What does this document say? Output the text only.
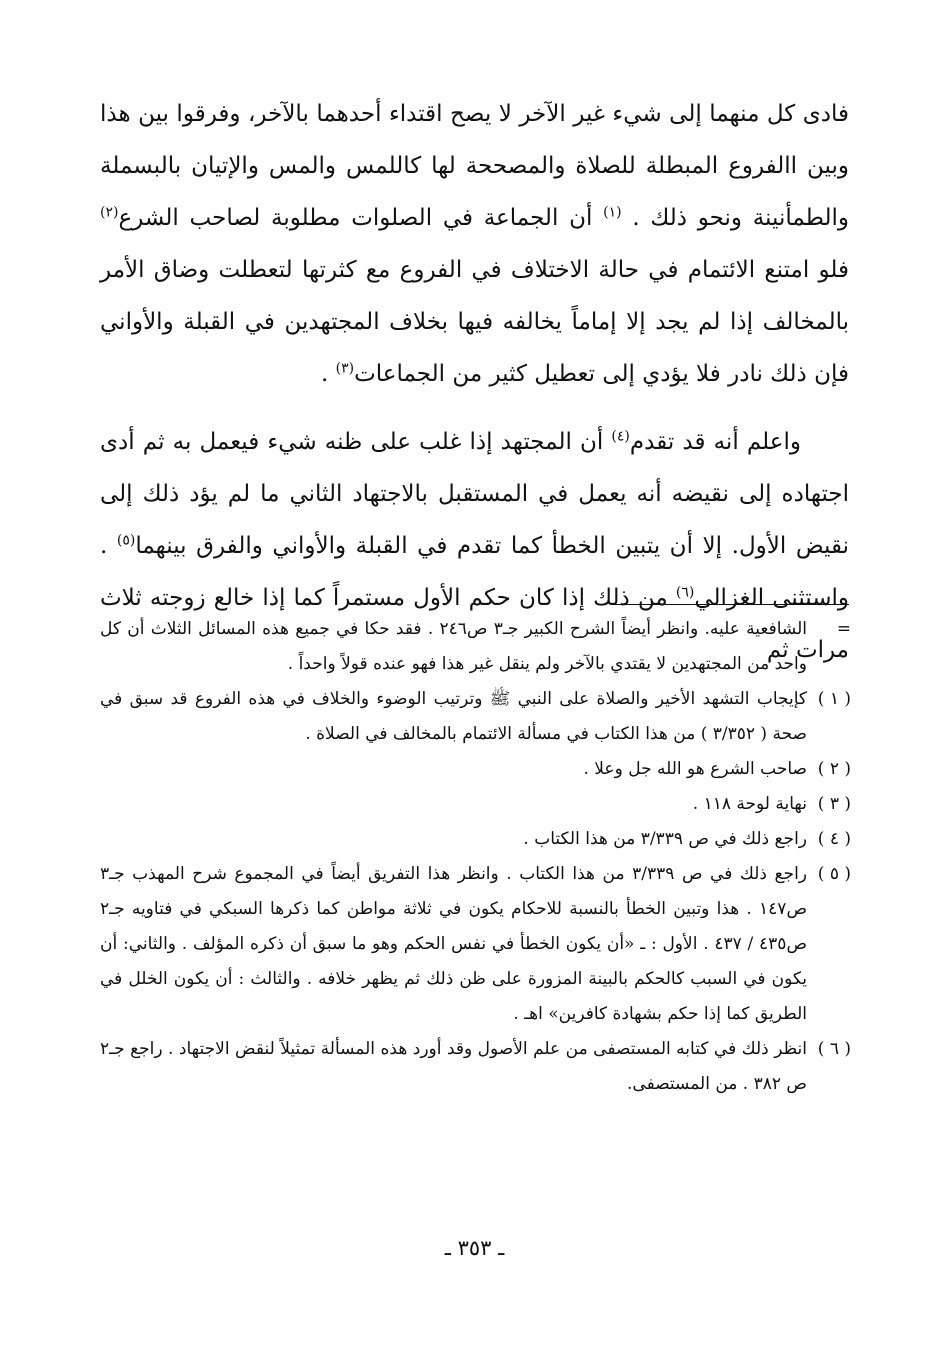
فادى كل منهما إلى شيء غير الآخر لا يصح اقتداء أحدهما بالآخر، وفرقوا بين هذا وبين االفروع المبطلة للصلاة والمصححة لها كاللمس والمس والإتيان بالبسملة والطمأنينة ونحو ذلك . $^{(١)}$ أن الجماعة في الصلوات مطلوبة لصاحب الشرع$^{(٢)}$ فلو امتنع الائتمام في حالة الاختلاف في الفروع مع كثرتها لتعطلت وضاق الأمر بالمخالف إذا لم يجد إلا إماماً يخالفه فيها بخلاف المجتهدين في القبلة والأواني فإن ذلك نادر فلا يؤدي إلى تعطيل كثير من الجماعات$^{(٣)}$ .

واعلم أنه قد تقدم$^{(٤)}$ أن المجتهد إذا غلب على ظنه شيء فيعمل به ثم أدى اجتهاده إلى نقيضه أنه يعمل في المستقبل بالاجتهاد الثاني ما لم يؤد ذلك إلى نقيض الأول. إلا أن يتبين الخطأ كما تقدم في القبلة والأواني والفرق بينهما$^{(٥)}$ . واستثنى الغزالي$^{(٦)}$ من ذلك إذا كان حكم الأول مستمراً كما إذا خالع زوجته ثلاث مرات ثم

=
الشافعية عليه. وانظر أيضاً الشرح الكبير جـ٣ ص٢٤٦ . فقد حكا في جميع هذه المسائل الثلاث أن كل واحد من المجتهدين لا يقتدي بالآخر ولم ينقل غير هذا فهو عنده قولاً واحداً .
( ١ )
كإيجاب التشهد الأخير والصلاة على النبي ﷺ وترتيب الوضوء والخلاف في هذه الفروع قد سبق في صحة ( ٣/٣٥٢ ) من هذا الكتاب في مسألة الائتمام بالمخالف في الصلاة .
( ٢ )
صاحب الشرع هو الله جل وعلا .
( ٣ )
نهاية لوحة ١١٨ .
( ٤ )
راجع ذلك في ص ٣/٣٣٩ من هذا الكتاب .
( ٥ )
راجع ذلك في ص ٣/٣٣٩ من هذا الكتاب . وانظر هذا التفريق أيضاً في المجموع شرح المهذب جـ٣ ص١٤٧ . هذا وتبين الخطأ بالنسبة للاحكام يكون في ثلاثة مواطن كما ذكرها السبكي في فتاويه جـ٢ ص٤٣٥ / ٤٣٧ . الأول : ـ «أن يكون الخطأ في نفس الحكم وهو ما سبق أن ذكره المؤلف . والثاني: أن يكون في السبب كالحكم بالبينة المزورة على ظن ذلك ثم يظهر خلافه . والثالث : أن يكون الخلل في الطريق كما إذا حكم بشهادة كافرين» اهـ .
( ٦ )
انظر ذلك في كتابه المستصفى من علم الأصول وقد أورد هذه المسألة تمثيلاً لنقض الاجتهاد . راجع جـ٢ ص ٣٨٢ . من المستصفى.
ـ ٣٥٣ ـ
